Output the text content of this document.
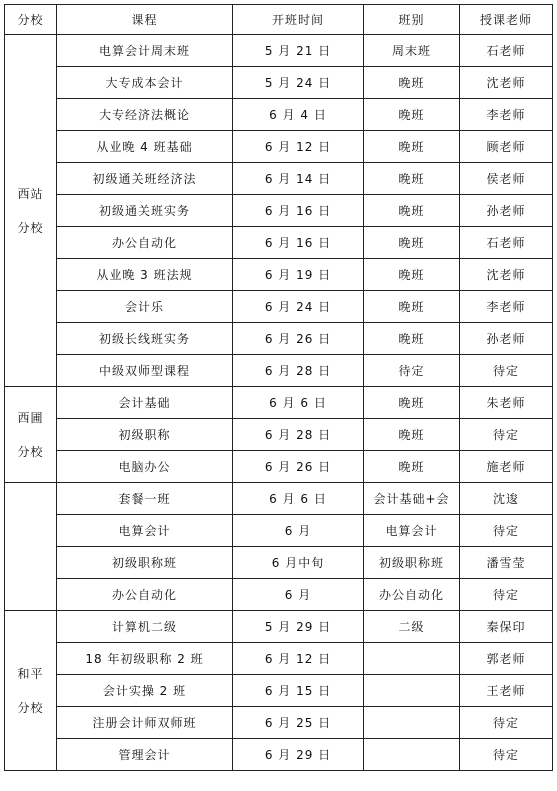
分校	课程	开班时间	班别	授课老师

西站
分校	电算会计周末班	5 月 21 日	周末班	石老师
	大专成本会计	5 月 24 日	晚班	沈老师
	大专经济法概论	6 月 4 日	晚班	李老师
	从业晚 4 班基础	6 月 12 日	晚班	顾老师
	初级通关班经济法	6 月 14 日	晚班	侯老师
	初级通关班实务	6 月 16 日	晚班	孙老师
	办公自动化	6 月 16 日	晚班	石老师
	从业晚 3 班法规	6 月 19 日	晚班	沈老师
	会计乐	6 月 24 日	晚班	李老师
	初级长线班实务	6 月 26 日	晚班	孙老师
	中级双师型课程	6 月 28 日	待定	待定

西圃
分校	会计基础	6 月 6 日	晚班	朱老师
	初级职称	6 月 28 日	晚班	待定
	电脑办公	6 月 26 日	晚班	施老师
	套餐一班	6 月 6 日	会计基础+会	沈逡
	电算会计	6 月	电算会计	待定
	初级职称班	6 月中旬	初级职称班	潘雪莹
	办公自动化	6 月	办公自动化	待定

和平
分校	计算机二级	5 月 29 日	二级	秦保印
	18 年初级职称 2 班	6 月 12 日		郭老师
	会计实操 2 班	6 月 15 日		王老师
	注册会计师双师班	6 月 25 日		待定
	管理会计	6 月 29 日		待定
